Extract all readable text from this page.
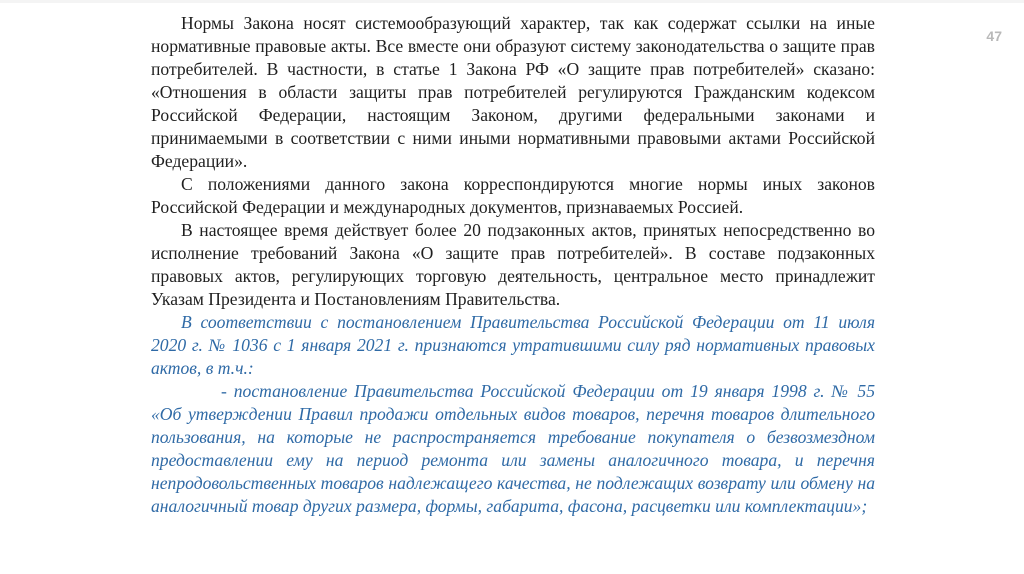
47

Нормы Закона носят системообразующий характер, так как содержат ссылки на иные нормативные правовые акты. Все вместе они образуют систему законодательства о защите прав потребителей. В частности, в статье 1 Закона РФ «О защите прав потребителей» сказано: «Отношения в области защиты прав потребителей регулируются Гражданским кодексом Российской Федерации, настоящим Законом, другими федеральными законами и принимаемыми в соответствии с ними иными нормативными правовыми актами Российской Федерации».

С положениями данного закона корреспондируются многие нормы иных законов Российской Федерации и международных документов, признаваемых Россией.

В настоящее время действует более 20 подзаконных актов, принятых непосредственно во исполнение требований Закона «О защите прав потребителей». В составе подзаконных правовых актов, регулирующих торговую деятельность, центральное место принадлежит Указам Президента и Постановлениям Правительства.

В соответствии с постановлением Правительства Российской Федерации от 11 июля 2020 г. № 1036 с 1 января 2021 г. признаются утратившими силу ряд нормативных правовых актов, в т.ч.:

- постановление Правительства Российской Федерации от 19 января 1998 г. № 55 «Об утверждении Правил продажи отдельных видов товаров, перечня товаров длительного пользования, на которые не распространяется требование покупателя о безвозмездном предоставлении ему на период ремонта или замены аналогичного товара, и перечня непродовольственных товаров надлежащего качества, не подлежащих возврату или обмену на аналогичный товар других размера, формы, габарита, фасона, расцветки или комплектации»;
